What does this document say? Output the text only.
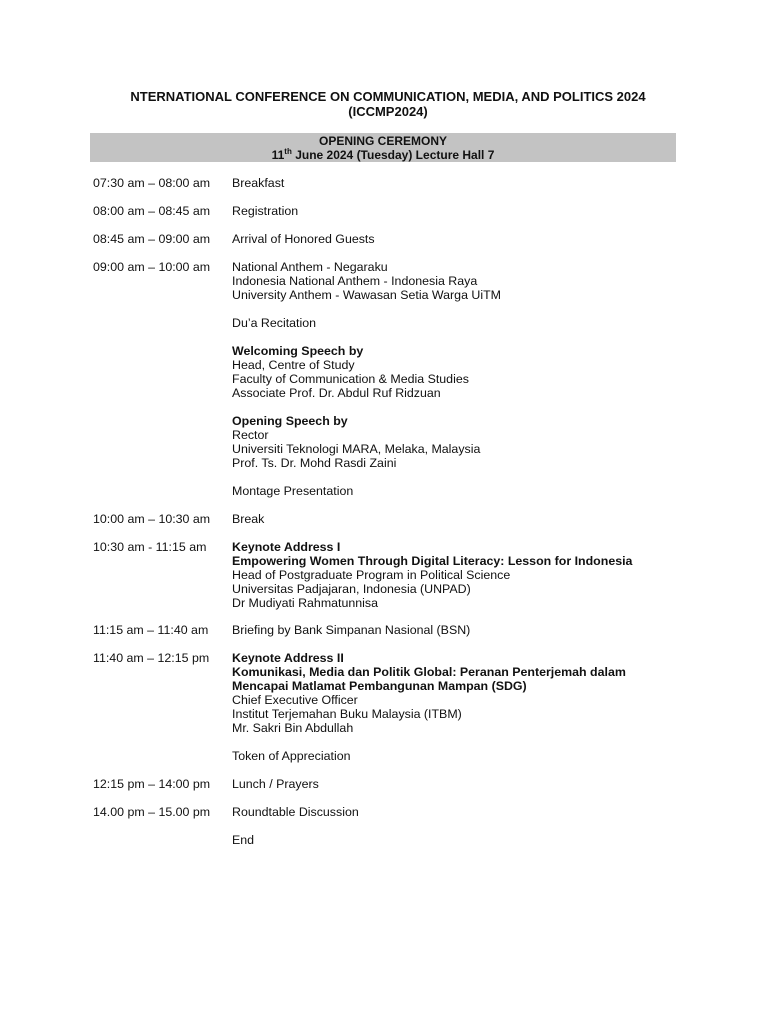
NTERNATIONAL CONFERENCE ON COMMUNICATION, MEDIA, AND POLITICS 2024
(ICCMP2024)
OPENING CEREMONY
11th June 2024 (Tuesday) Lecture Hall 7
07:30 am – 08:00 am	Breakfast
08:00 am – 08:45 am	Registration
08:45 am – 09:00 am	Arrival of Honored Guests
09:00 am – 10:00 am	National Anthem - Negaraku
Indonesia National Anthem - Indonesia Raya
University Anthem - Wawasan Setia Warga UiTM
Du’a Recitation
Welcoming Speech by
Head, Centre of Study
Faculty of Communication & Media Studies
Associate Prof. Dr. Abdul Ruf Ridzuan
Opening Speech by
Rector
Universiti Teknologi MARA, Melaka, Malaysia
Prof. Ts. Dr. Mohd Rasdi Zaini
Montage Presentation
10:00 am – 10:30 am	Break
10:30 am - 11:15 am	Keynote Address I
Empowering Women Through Digital Literacy: Lesson for Indonesia
Head of Postgraduate Program in Political Science
Universitas Padjajaran, Indonesia (UNPAD)
Dr Mudiyati Rahmatunnisa
11:15 am – 11:40 am	Briefing by Bank Simpanan Nasional (BSN)
11:40 am – 12:15 pm	Keynote Address II
Komunikasi, Media dan Politik Global: Peranan Penterjemah dalam
Mencapai Matlamat Pembangunan Mampan (SDG)
Chief Executive Officer
Institut Terjemahan Buku Malaysia (ITBM)
Mr. Sakri Bin Abdullah
Token of Appreciation
12:15 pm – 14:00 pm	Lunch / Prayers
14.00 pm – 15.00 pm	Roundtable Discussion
End
